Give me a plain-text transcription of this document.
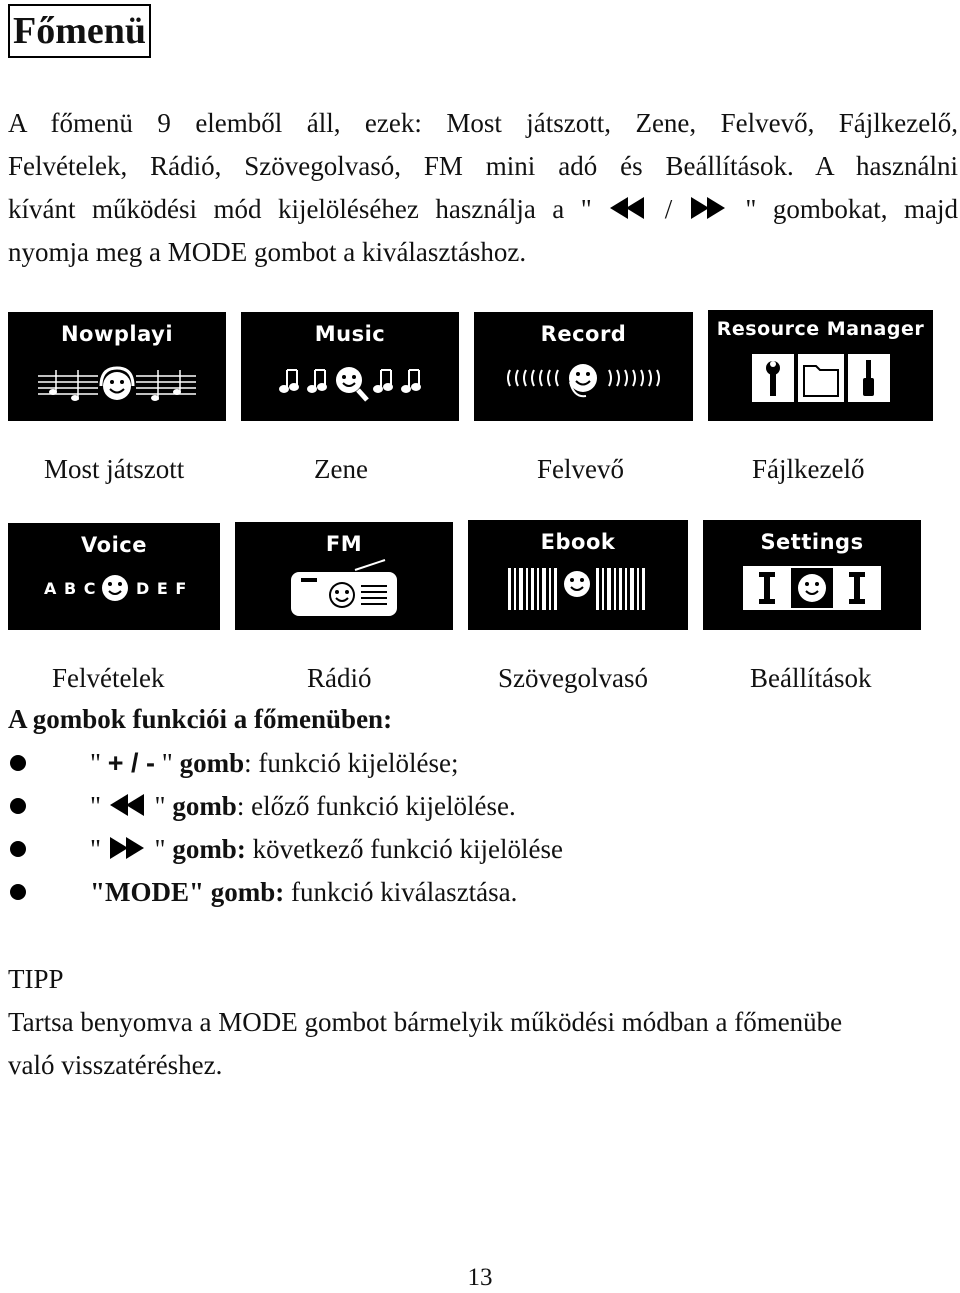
Főmenü

A főmenü 9 elemből áll, ezek: Most játszott, Zene, Felvevő, Fájlkezelő,

Felvételek, Rádió, Szövegolvasó, FM mini adó és Beállítások. A használni

kívánt működési mód kijelöléséhez használja a "	/	" gombokat, majd

nyomja meg a MODE gombot a kiválasztáshoz.

Nowplayi	Music	Record	Resource Manager
Most játszott	Zene	Felvevő	Fájlkezelő
Voice
A B C D E F
FM	Ebook	Settings
Felvételek	Rádió	Szövegolvasó	Beállítások
A gombok funkciói a főmenüben:
" + / - " gomb: funkció kijelölése;
" " gomb: előző funkció kijelölése.
" " gomb: következő funkció kijelölése
"MODE" gomb: funkció kiválasztása.
TIPP

Tartsa benyomva a MODE gombot bármelyik működési módban a főmenübe

való visszatéréshez.

13
